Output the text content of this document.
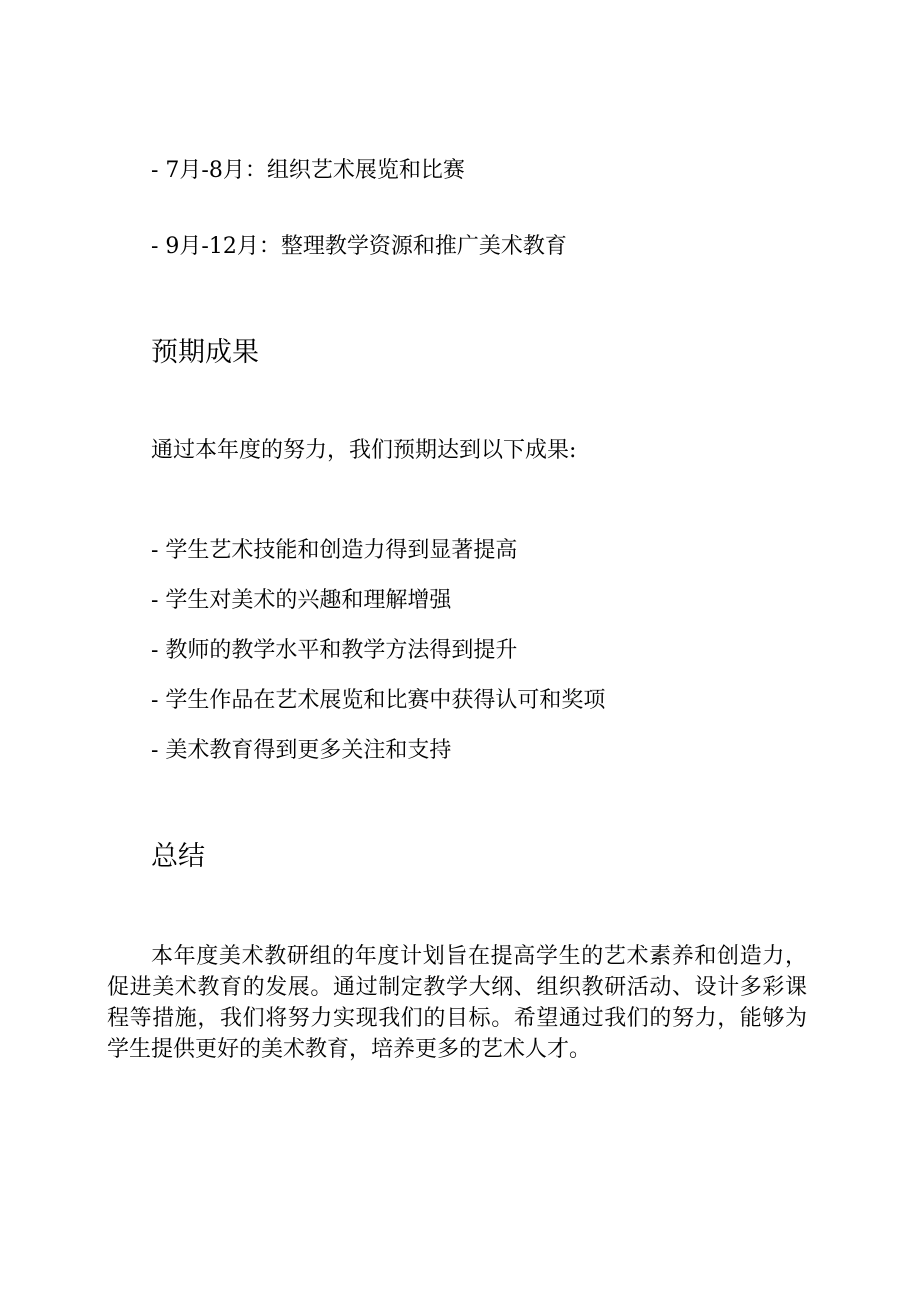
- 7月-8月：组织艺术展览和比赛

- 9月-12月：整理教学资源和推广美术教育

预期成果

通过本年度的努力，我们预期达到以下成果:

- 学生艺术技能和创造力得到显著提高

- 学生对美术的兴趣和理解增强

- 教师的教学水平和教学方法得到提升

- 学生作品在艺术展览和比赛中获得认可和奖项

- 美术教育得到更多关注和支持

总结

本年度美术教研组的年度计划旨在提高学生的艺术素养和创造力，促进美术教育的发展。通过制定教学大纲、组织教研活动、设计多彩课程等措施，我们将努力实现我们的目标。希望通过我们的努力，能够为学生提供更好的美术教育，培养更多的艺术人才。
